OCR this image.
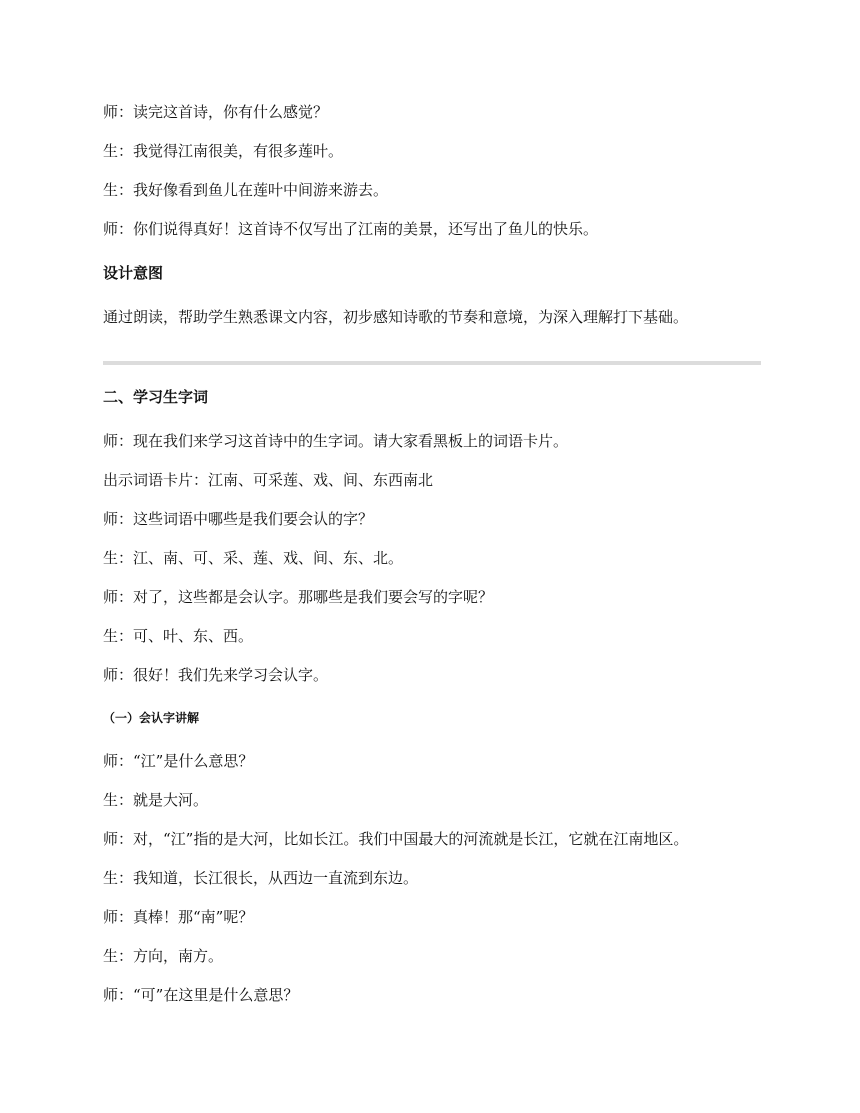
师：读完这首诗，你有什么感觉？
生：我觉得江南很美，有很多莲叶。
生：我好像看到鱼儿在莲叶中间游来游去。
师：你们说得真好！这首诗不仅写出了江南的美景，还写出了鱼儿的快乐。
设计意图
通过朗读，帮助学生熟悉课文内容，初步感知诗歌的节奏和意境，为深入理解打下基础。
二、学习生字词
师：现在我们来学习这首诗中的生字词。请大家看黑板上的词语卡片。
出示词语卡片：江南、可采莲、戏、间、东西南北
师：这些词语中哪些是我们要会认的字？
生：江、南、可、采、莲、戏、间、东、北。
师：对了，这些都是会认字。那哪些是我们要会写的字呢？
生：可、叶、东、西。
师：很好！我们先来学习会认字。
（一）会认字讲解
师：“江”是什么意思？
生：就是大河。
师：对，“江”指的是大河，比如长江。我们中国最大的河流就是长江，它就在江南地区。
生：我知道，长江很长，从西边一直流到东边。
师：真棒！那“南”呢？
生：方向，南方。
师：“可”在这里是什么意思？
